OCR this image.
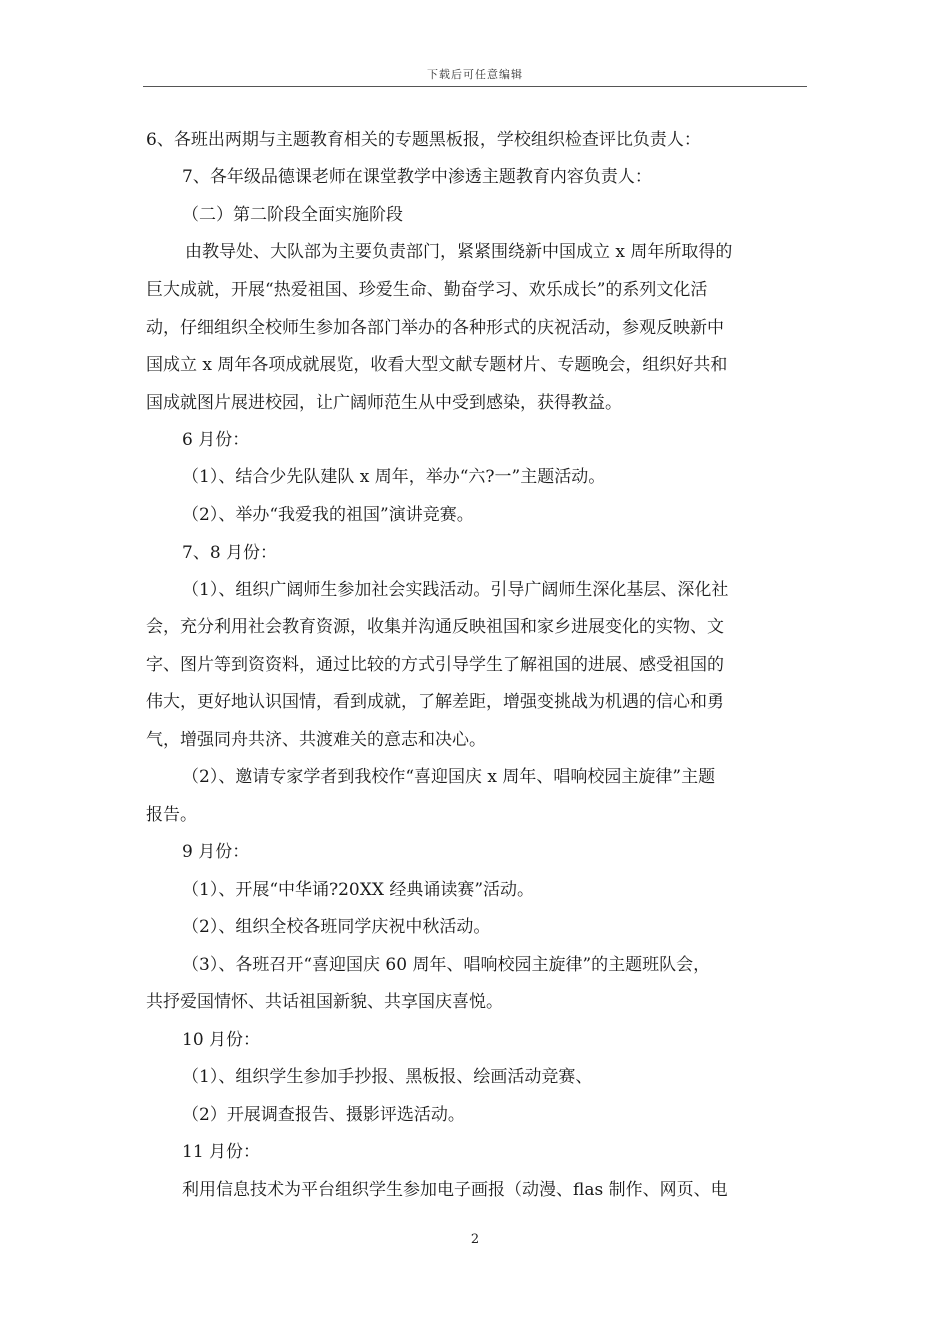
下载后可任意编辑
6、各班出两期与主题教育相关的专题黑板报，学校组织检查评比负责人：
7、各年级品德课老师在课堂教学中渗透主题教育内容负责人：
（二）第二阶段全面实施阶段
由教导处、大队部为主要负责部门，紧紧围绕新中国成立 x 周年所取得的
巨大成就，开展“热爱祖国、珍爱生命、勤奋学习、欢乐成长”的系列文化活
动，仔细组织全校师生参加各部门举办的各种形式的庆祝活动，参观反映新中
国成立 x 周年各项成就展览，收看大型文献专题材片、专题晚会，组织好共和
国成就图片展进校园，让广阔师范生从中受到感染，获得教益。
6 月份：
（1）、结合少先队建队 x 周年，举办“六?一”主题活动。
（2）、举办“我爱我的祖国”演讲竞赛。
7、8 月份：
（1）、组织广阔师生参加社会实践活动。引导广阔师生深化基层、深化社
会，充分利用社会教育资源，收集并沟通反映祖国和家乡进展变化的实物、文
字、图片等到资资料，通过比较的方式引导学生了解祖国的进展、感受祖国的
伟大，更好地认识国情，看到成就，了解差距，增强变挑战为机遇的信心和勇
气，增强同舟共济、共渡难关的意志和决心。
（2）、邀请专家学者到我校作“喜迎国庆 x 周年、唱响校园主旋律”主题
报告。
9 月份：
（1）、开展“中华诵?20XX 经典诵读赛”活动。
（2）、组织全校各班同学庆祝中秋活动。
（3）、各班召开“喜迎国庆 60 周年、唱响校园主旋律”的主题班队会，
共抒爱国情怀、共话祖国新貌、共享国庆喜悦。
10 月份：
（1）、组织学生参加手抄报、黑板报、绘画活动竞赛、
（2）开展调查报告、摄影评选活动。
11 月份：
利用信息技术为平台组织学生参加电子画报（动漫、flas 制作、网页、电
2
